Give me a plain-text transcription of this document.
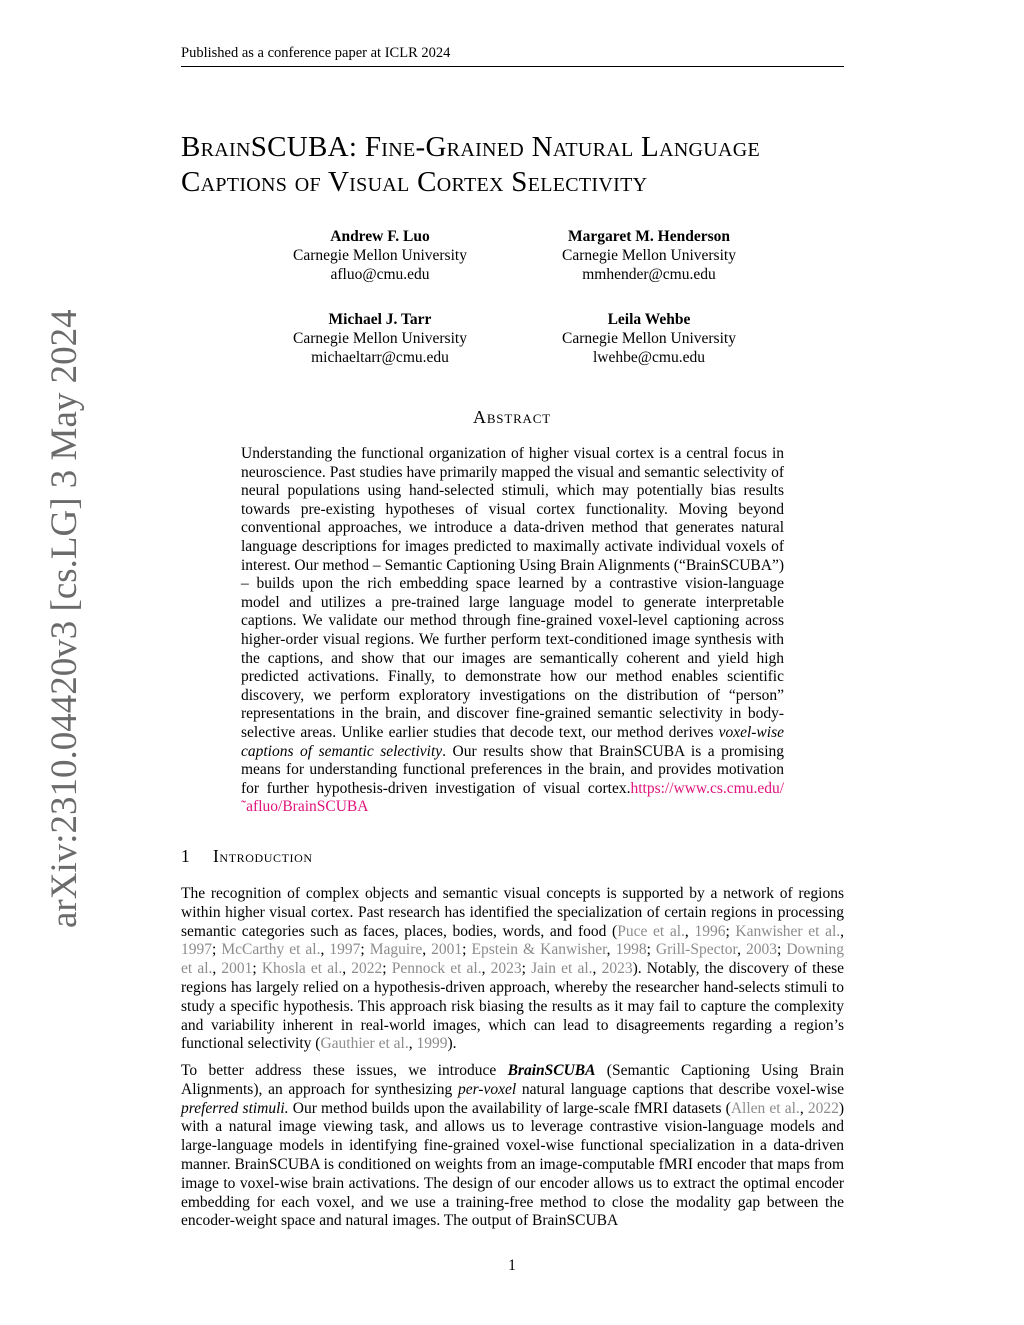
Published as a conference paper at ICLR 2024
arXiv:2310.04420v3 [cs.LG] 3 May 2024
BrainSCUBA: Fine-Grained Natural Language
Captions of Visual Cortex Selectivity
Andrew F. Luo
Carnegie Mellon University
afluo@cmu.edu
Margaret M. Henderson
Carnegie Mellon University
mmhender@cmu.edu
Michael J. Tarr
Carnegie Mellon University
michaeltarr@cmu.edu
Leila Wehbe
Carnegie Mellon University
lwehbe@cmu.edu
Abstract

Understanding the functional organization of higher visual cortex is a central focus in neuroscience. Past studies have primarily mapped the visual and semantic selectivity of neural populations using hand-selected stimuli, which may potentially bias results towards pre-existing hypotheses of visual cortex functionality. Moving beyond conventional approaches, we introduce a data-driven method that generates natural language descriptions for images predicted to maximally activate individual voxels of interest. Our method – Semantic Captioning Using Brain Alignments (“BrainSCUBA”) – builds upon the rich embedding space learned by a contrastive vision-language model and utilizes a pre-trained large language model to generate interpretable captions. We validate our method through fine-grained voxel-level captioning across higher-order visual regions. We further perform text-conditioned image synthesis with the captions, and show that our images are semantically coherent and yield high predicted activations. Finally, to demonstrate how our method enables scientific discovery, we perform exploratory investigations on the distribution of “person” representations in the brain, and discover fine-grained semantic selectivity in body-selective areas. Unlike earlier studies that decode text, our method derives voxel-wise captions of semantic selectivity. Our results show that BrainSCUBA is a promising means for understanding functional preferences in the brain, and provides motivation for further hypothesis-driven investigation of visual cortex.https://www.cs.cmu.edu/˜afluo/BrainSCUBA

1 Introduction

The recognition of complex objects and semantic visual concepts is supported by a network of regions within higher visual cortex. Past research has identified the specialization of certain regions in processing semantic categories such as faces, places, bodies, words, and food (Puce et al., 1996; Kanwisher et al., 1997; McCarthy et al., 1997; Maguire, 2001; Epstein & Kanwisher, 1998; Grill-Spector, 2003; Downing et al., 2001; Khosla et al., 2022; Pennock et al., 2023; Jain et al., 2023). Notably, the discovery of these regions has largely relied on a hypothesis-driven approach, whereby the researcher hand-selects stimuli to study a specific hypothesis. This approach risk biasing the results as it may fail to capture the complexity and variability inherent in real-world images, which can lead to disagreements regarding a region’s functional selectivity (Gauthier et al., 1999).

To better address these issues, we introduce BrainSCUBA (Semantic Captioning Using Brain Alignments), an approach for synthesizing per-voxel natural language captions that describe voxel-wise preferred stimuli. Our method builds upon the availability of large-scale fMRI datasets (Allen et al., 2022) with a natural image viewing task, and allows us to leverage contrastive vision-language models and large-language models in identifying fine-grained voxel-wise functional specialization in a data-driven manner. BrainSCUBA is conditioned on weights from an image-computable fMRI encoder that maps from image to voxel-wise brain activations. The design of our encoder allows us to extract the optimal encoder embedding for each voxel, and we use a training-free method to close the modality gap between the encoder-weight space and natural images. The output of BrainSCUBA

1
